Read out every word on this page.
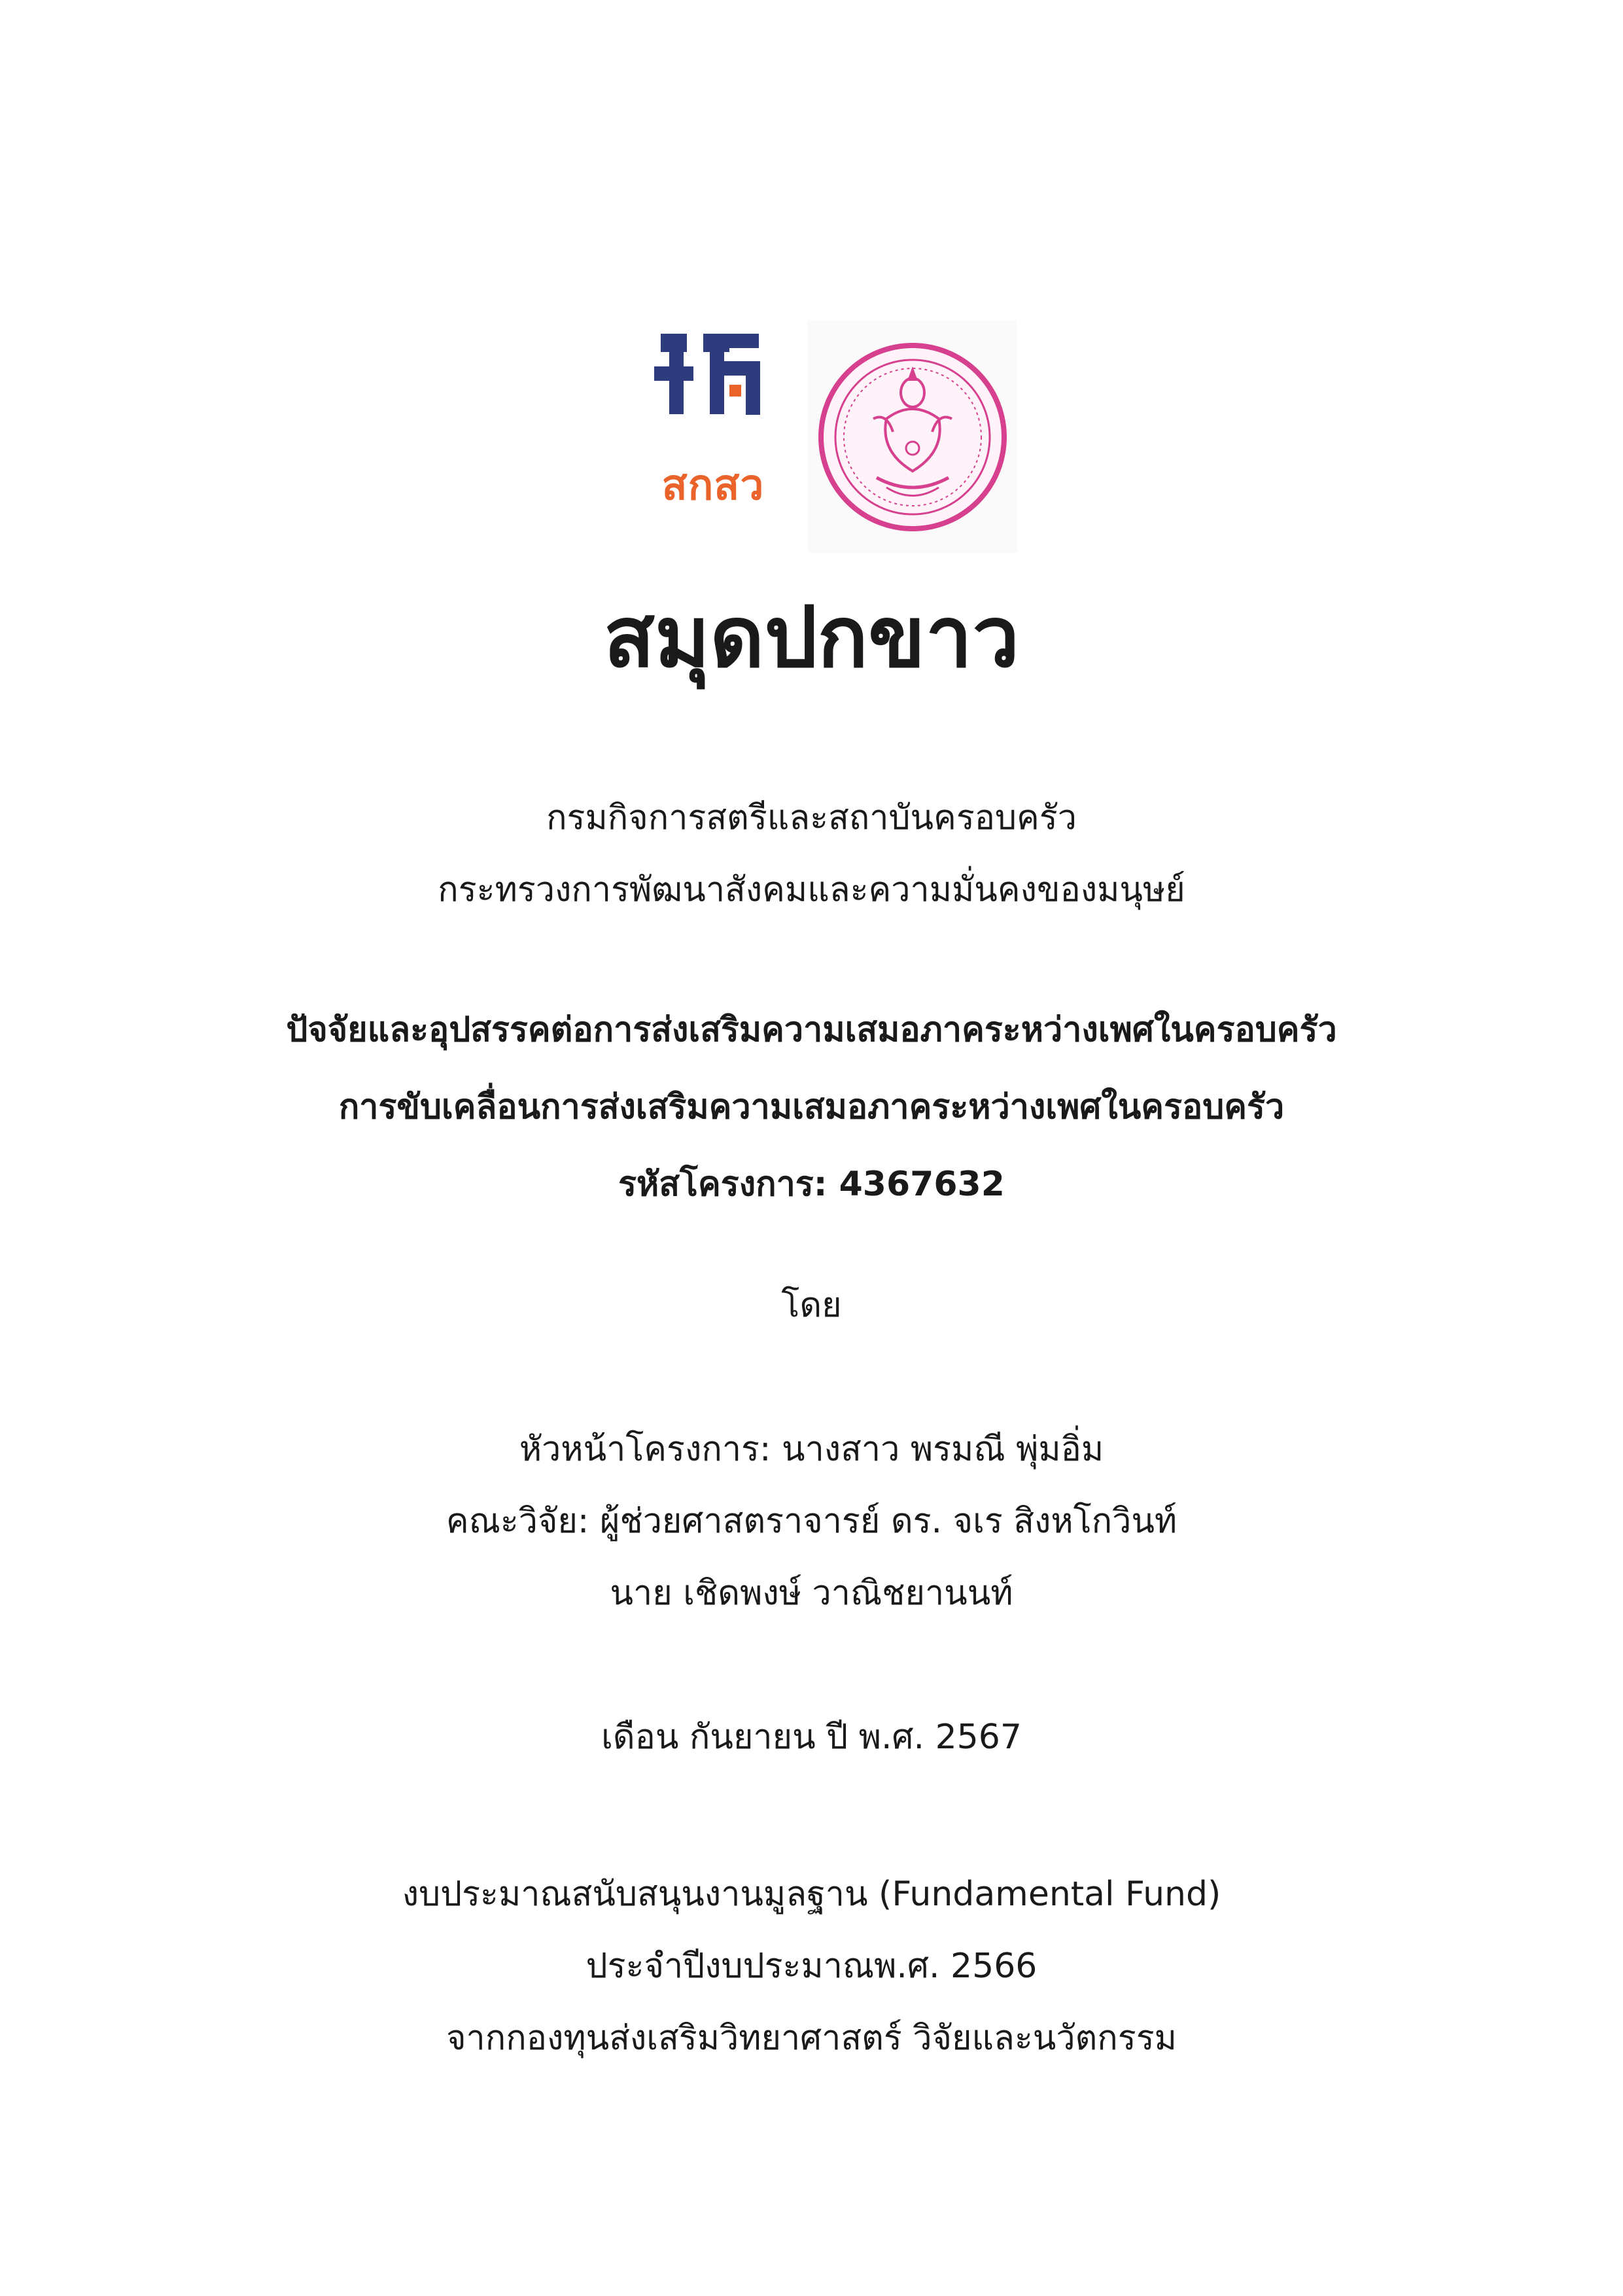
สกสว
สมุดปกขาว
กรมกิจการสตรีและสถาบันครอบครัว
กระทรวงการพัฒนาสังคมและความมั่นคงของมนุษย์
ปัจจัยและอุปสรรคต่อการส่งเสริมความเสมอภาคระหว่างเพศในครอบครัว
การขับเคลื่อนการส่งเสริมความเสมอภาคระหว่างเพศในครอบครัว
รหัสโครงการ: 4367632
โดย
หัวหน้าโครงการ: นางสาว พรมณี พุ่มอิ่ม
คณะวิจัย: ผู้ช่วยศาสตราจารย์ ดร. จเร สิงหโกวินท์
นาย เชิดพงษ์ วาณิชยานนท์
เดือน กันยายน ปี พ.ศ. 2567
งบประมาณสนับสนุนงานมูลฐาน (Fundamental Fund)
ประจำปีงบประมาณพ.ศ. 2566
จากกองทุนส่งเสริมวิทยาศาสตร์ วิจัยและนวัตกรรม
